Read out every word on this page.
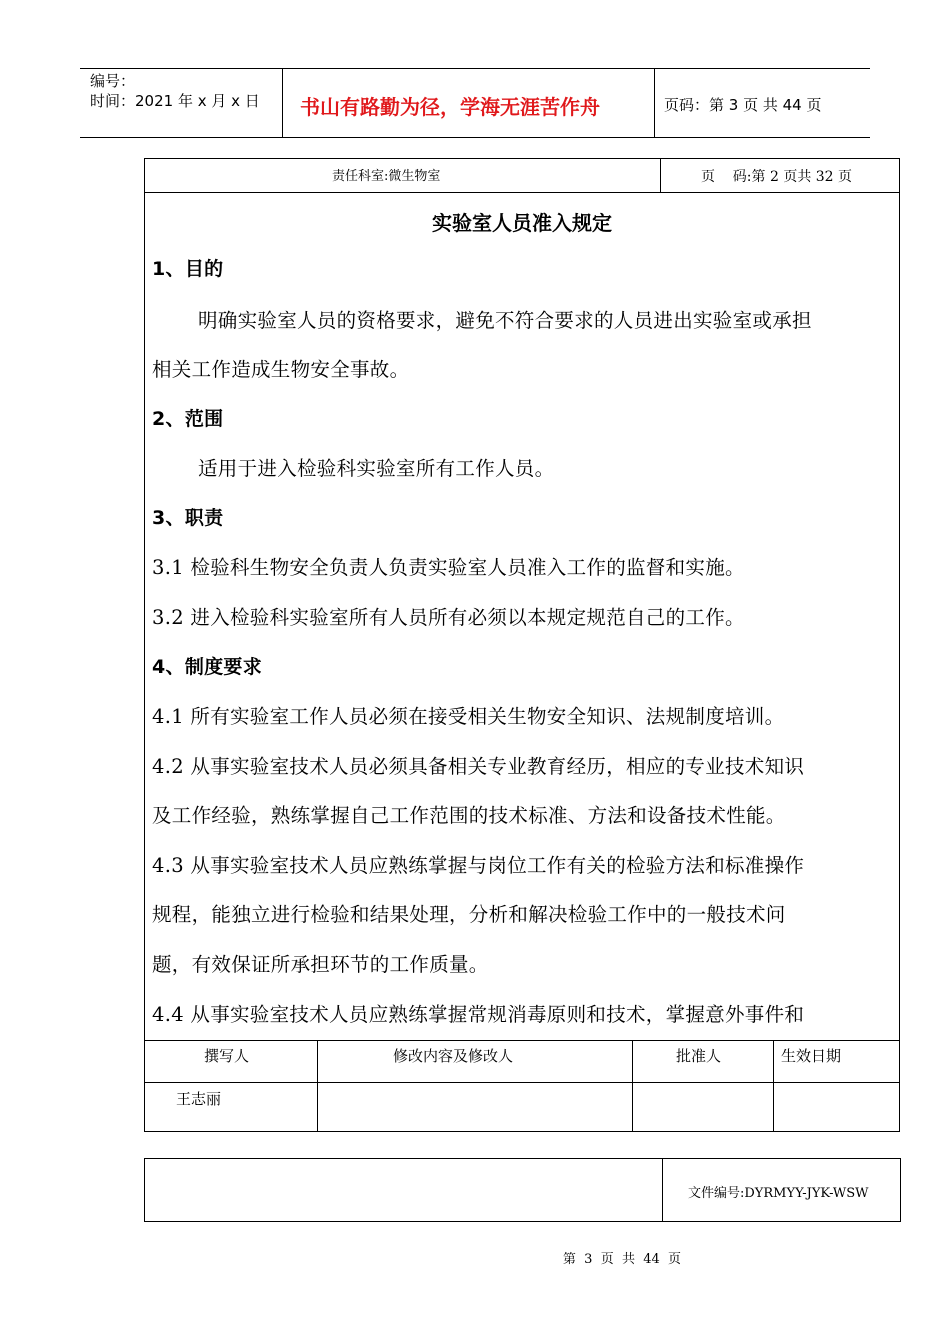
编号：
时间：2021 年 x 月 x 日 书山有路勤为径，学海无涯苦作舟	页码：第 3 页 共 44 页
责任科室:微生物室	页    码:第 2 页共 32 页
实验室人员准入规定
1、目的
明确实验室人员的资格要求，避免不符合要求的人员进出实验室或承担
相关工作造成生物安全事故。
2、范围
适用于进入检验科实验室所有工作人员。
3、职责
3.1 检验科生物安全负责人负责实验室人员准入工作的监督和实施。
3.2 进入检验科实验室所有人员所有必须以本规定规范自己的工作。
4、制度要求
4.1 所有实验室工作人员必须在接受相关生物安全知识、法规制度培训。
4.2 从事实验室技术人员必须具备相关专业教育经历，相应的专业技术知识
及工作经验，熟练掌握自己工作范围的技术标准、方法和设备技术性能。
4.3 从事实验室技术人员应熟练掌握与岗位工作有关的检验方法和标准操作
规程，能独立进行检验和结果处理，分析和解决检验工作中的一般技术问
题，有效保证所承担环节的工作质量。
4.4 从事实验室技术人员应熟练掌握常规消毒原则和技术，掌握意外事件和
撰写人	修改内容及修改人	批准人	生效日期
王志丽
文件编号:DYRMYY-JYK-WSW
第  3  页  共  44  页
